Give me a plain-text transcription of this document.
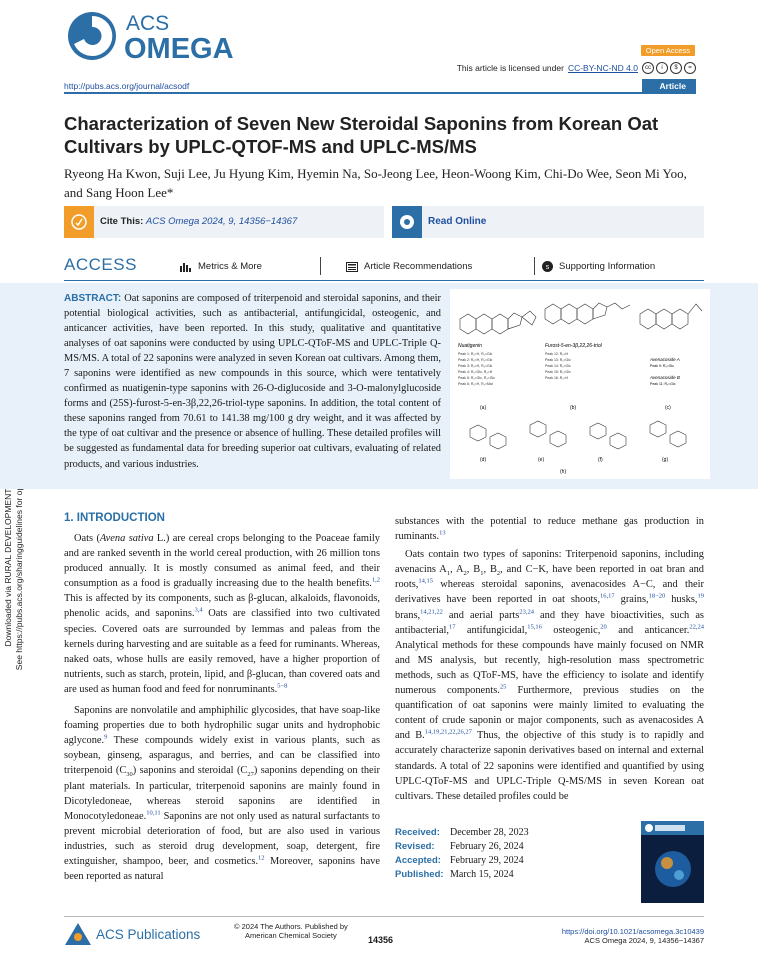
ACS
OMEGA	Open Access
This article is licensed under CC-BY-NC-ND 4.0	cc	i	$	=
http://pubs.acs.org/journal/acsodf	Article
Characterization of Seven New Steroidal Saponins from Korean Oat Cultivars by UPLC-QTOF-MS and UPLC-MS/MS
Ryeong Ha Kwon, Suji Lee, Ju Hyung Kim, Hyemin Na, So-Jeong Lee, Heon-Woong Kim, Chi-Do Wee, Seon Mi Yoo, and Sang Hoon Lee*
Cite This: ACS Omega 2024, 9, 14356−14367	Read Online
ACCESS	Metrics & More	Article Recommendations	s Supporting Information
ABSTRACT: Oat saponins are composed of triterpenoid and steroidal saponins, and their potential biological activities, such as antibacterial, antifungicidal, osteogenic, and anticancer activities, have been reported. In this study, qualitative and quantitative analyses of oat saponins were conducted by using UPLC-QToF-MS and UPLC-Triple Q-MS/MS. A total of 22 saponins were analyzed in seven Korean oat cultivars. Among them, 7 saponins were identified as new compounds in this source, which were tentatively confirmed as nuatigenin-type saponins with 26-O-diglucoside and 3-O-malonylglucoside forms and (25S)-furost-5-en-3β,22,26-triol-type saponins. In addition, the total content of these saponins ranged from 70.61 to 141.38 mg/100 g dry weight, and it was affected by the type of oat cultivar and the presence or absence of hulling. These detailed profiles will be suggested as fundamental data for breeding superior oat cultivars, evaluating of related products, and various industries.
Nuatigenin
Peak 1: R₁=H, R₂=Glc
Peak 2: R₁=H, R₂=Glc
Peak 3: R₁=H, R₂=Glc
Peak 4: R₁=Glc, R₂=H
Peak 5: R₁=Glc, R₂=Glc
Peak 6: R₁=H, R₂=Mal
(a)
Furost-5-en-3β,22,26-triol
Peak 12: R₁=H
Peak 13: R₁=Glc
Peak 14: R₁=Glc
Peak 15: R₁=Glc
Peak 16: R₁=H
(b)
Avenacoside A
Peak 9: R₁=Glc
Avenacoside B
Peak 11: R₁=Glc
(c)
(d)	(e)	(f)	(g)
(h)
1. INTRODUCTION

Oats (Avena sativa L.) are cereal crops belonging to the Poaceae family and are ranked seventh in the world cereal production, with 26 million tons produced annually. It is mostly consumed as animal feed, and their consumption as a food is gradually increasing due to the health benefits.$^{1,2}$ This is affected by its components, such as β-glucan, alkaloids, flavonoids, phenolic acids, and saponins.$^{3,4}$ Oats are classified into two cultivated species. Covered oats are surrounded by lemmas and paleas from the kernels during harvesting and are suitable as a feed for ruminants. Whereas, naked oats, whose hulls are easily removed, have a higher proportion of nutrients, such as starch, protein, lipid, and β-glucan, than covered oats and are used as human food and feed for nonruminants.$^{5-8}$

Saponins are nonvolatile and amphiphilic glycosides, that have soap-like foaming properties due to both hydrophilic sugar units and hydrophobic aglycone.$^9$ These compounds widely exist in various plants, such as soybean, ginseng, asparagus, and berries, and can be classified into triterpenoid $(C_{30})$ saponins and steroidal $(C_{27})$ saponins depending on their plant materials. In particular, triterpenoid saponins are mainly found in Dicotyledoneae, whereas steroid saponins are identified in Monocotyledoneae.$^{10,11}$ Saponins are not only used as natural surfactants to prevent microbial deterioration of food, but are also used in various industries, such as steroid drug development, soap, detergent, fire extinguisher, shampoo, beer, and cosmetics.$^{12}$ Moreover, saponins have been reported as natural

substances with the potential to reduce methane gas production in ruminants.$^{13}$

Oats contain two types of saponins: Triterpenoid saponins, including avenacins $A_1$, $A_2$, $B_1$, $B_2$, and C−K, have been reported in oat bran and roots,$^{14,15}$ whereas steroidal saponins, avenacosides A−C, and their derivatives have been reported in oat shoots,$^{16,17}$ grains,$^{18-20}$ husks,$^{19}$ brans,$^{14,21,22}$ and aerial parts$^{23,24}$ and they have bioactivities, such as antibacterial,$^{17}$ antifungicidal,$^{15,16}$ osteogenic,$^{20}$ and anticancer.$^{22,24}$ Analytical methods for these compounds have mainly focused on NMR and MS analysis, but recently, high-resolution mass spectrometric methods, such as QToF-MS, have the efficiency to isolate and identify numerous components.$^{25}$ Furthermore, previous studies on the quantification of oat saponins were mainly limited to evaluating the content of crude saponin or major components, such as avenacosides A and B.$^{14,19,21,22,26,27}$ Thus, the objective of this study is to rapidly and accurately characterize saponin derivatives based on internal and external standards. A total of 22 saponins were identified and quantified by using UPLC-QToF-MS and UPLC-Triple Q-MS/MS in seven Korean oat cultivars. These detailed profiles could be

Received:	December 28, 2023
Revised:	February 26, 2024
Accepted: February 29, 2024
Published: March 15, 2024
ACS Publications	© 2024 The Authors. Published by
American Chemical Society	14356
https://doi.org/10.1021/acsomega.3c10439
ACS Omega 2024, 9, 14356−14367
